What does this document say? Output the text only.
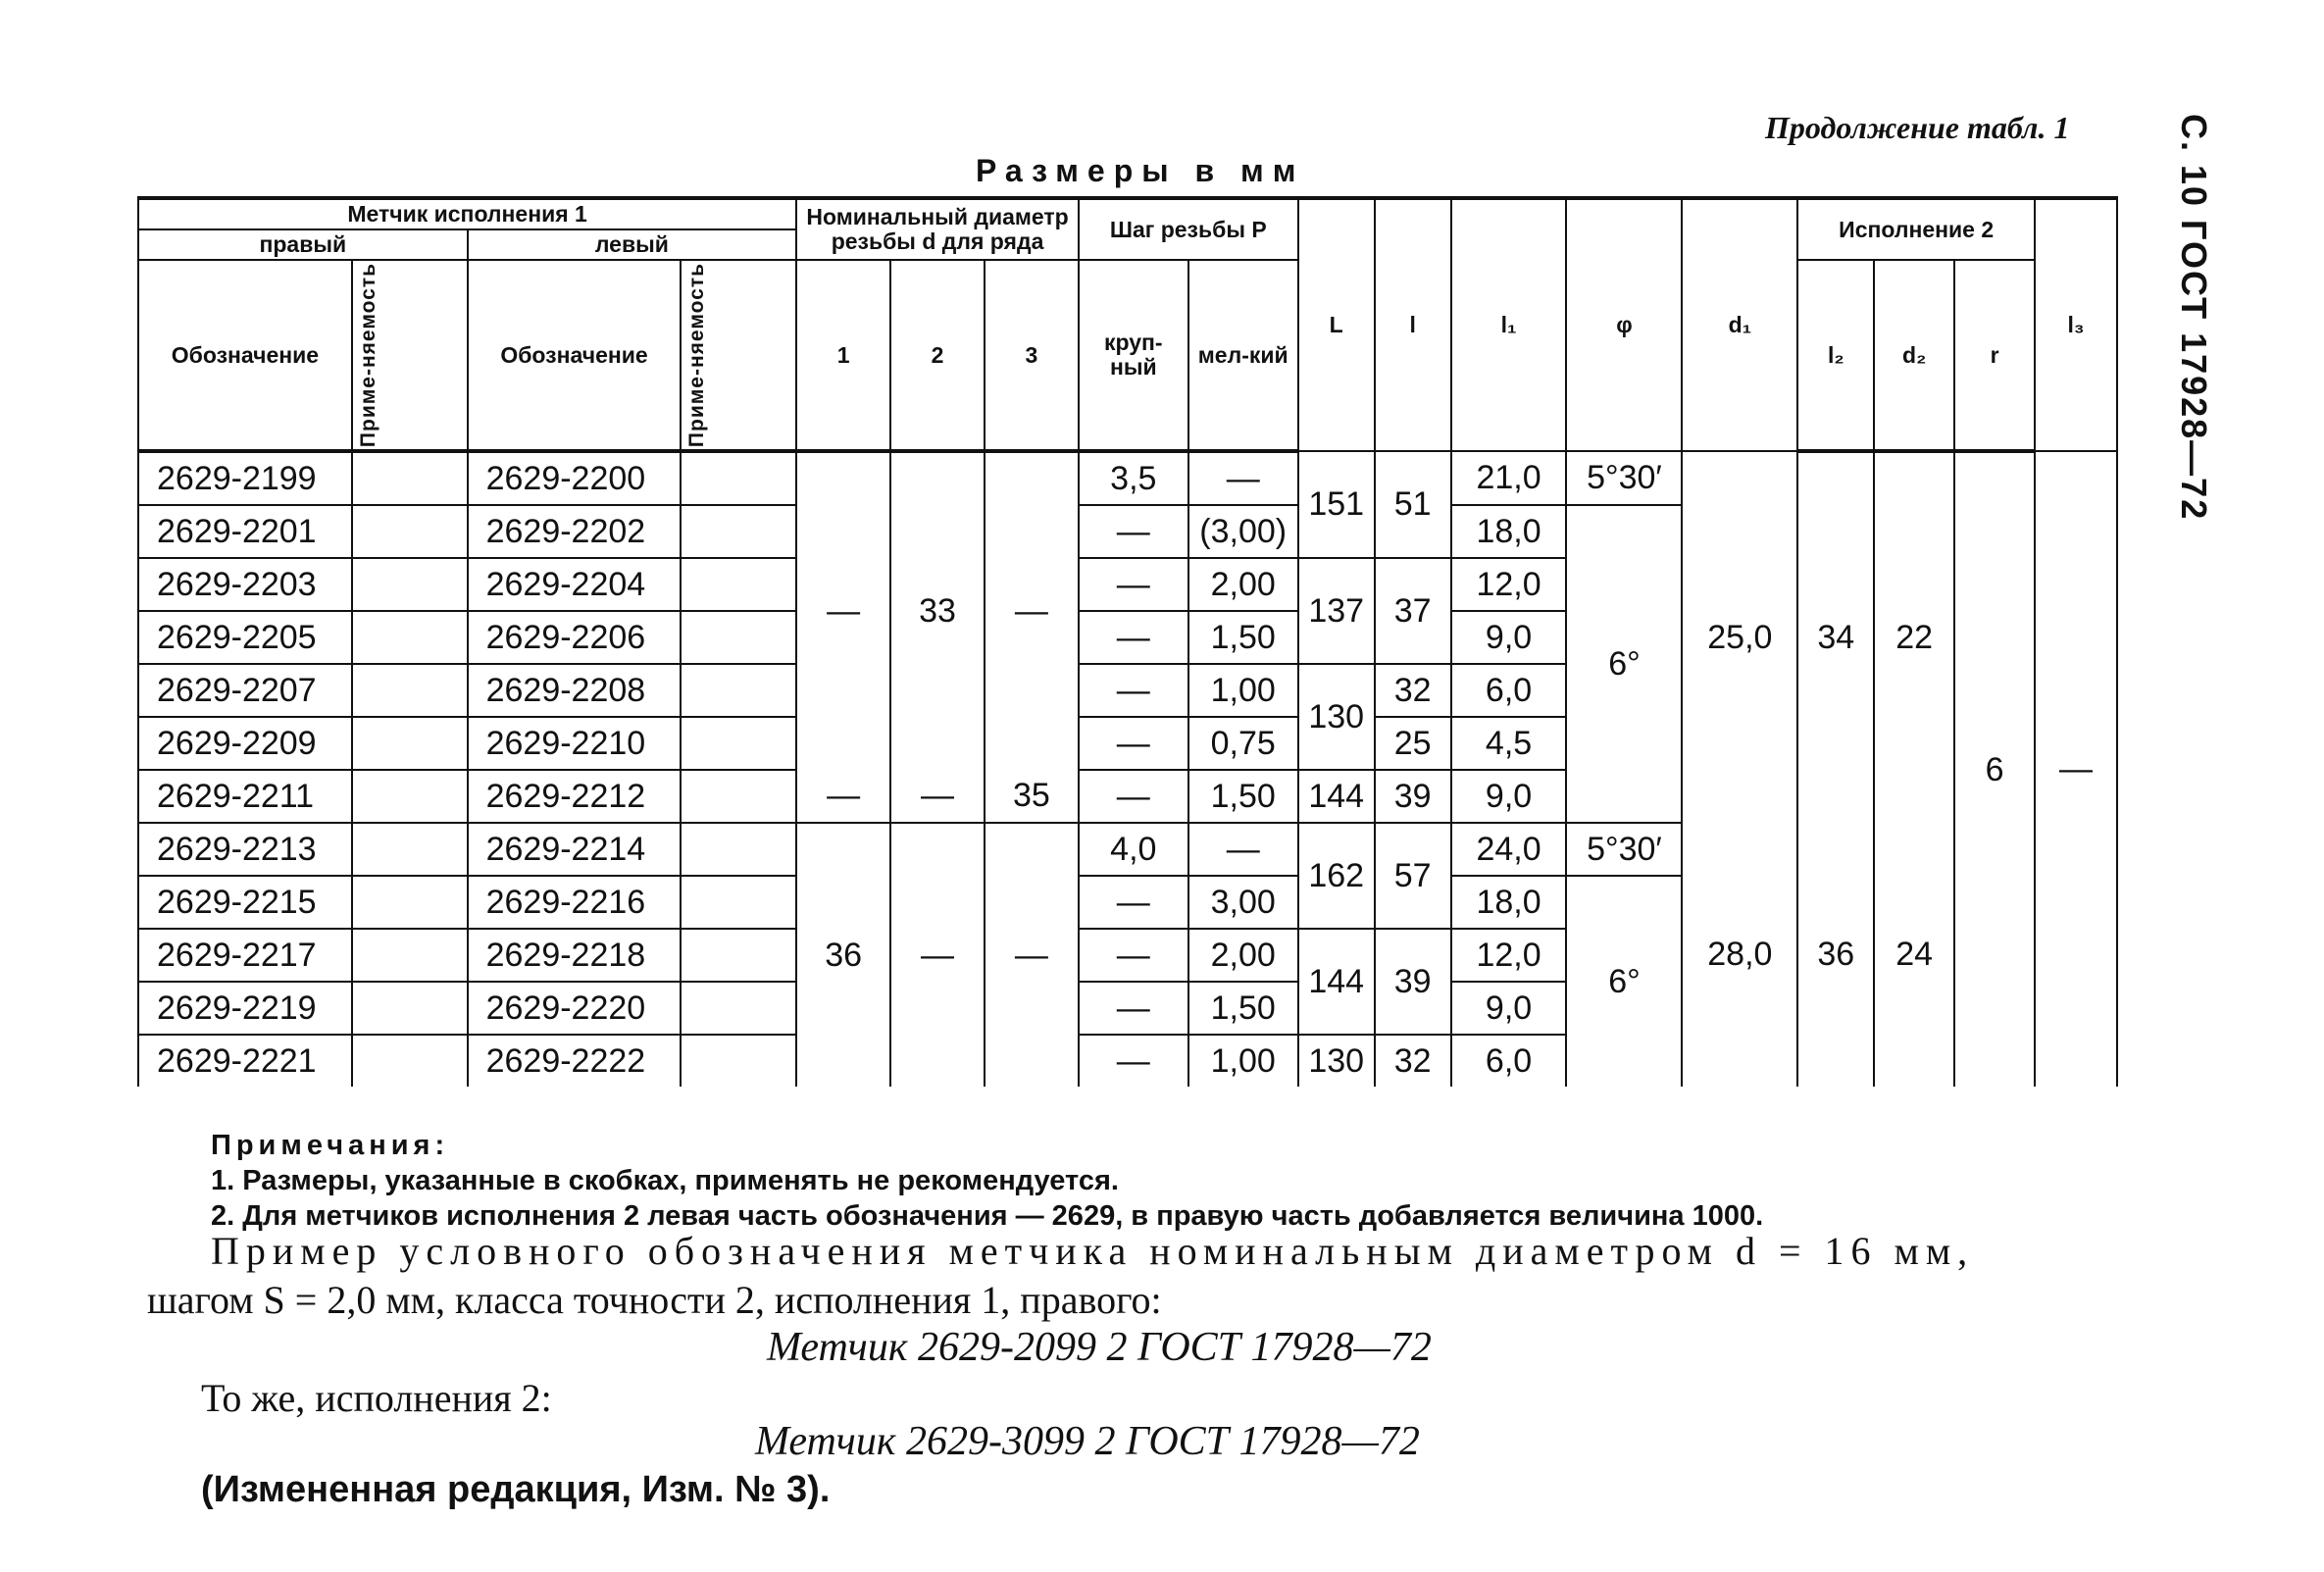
С. 10 ГОСТ 17928—72
Продолжение табл. 1
Размеры в мм
Метчик исполнения 1				Номинальный диаметр резьбы d для ряда			Шаг резьбы P		L	l	l₁	φ	d₁	Исполнение 2			l₃
правый		левый															
Обозначение	Приме-няемость	Обозначение	Приме-няемость	1	2	3	круп-ный	мел-кий						l₂	d₂	r	
2629-2199		2629-2200		—	33	—	3,5	—	151	51	21,0	5°30′	25,0	34	22	6	—
2629-2201		2629-2202					—	(3,00)			18,0	6°					
2629-2203		2629-2204					—	2,00	137	37	12,0						
2629-2205		2629-2206					—	1,50			9,0						
2629-2207		2629-2208					—	1,00	130	32	6,0						
2629-2209		2629-2210					—	0,75		25	4,5						
2629-2211		2629-2212		—	—	35	—	1,50	144	39	9,0						
2629-2213		2629-2214		36	—	—	4,0	—	162	57	24,0	5°30′	28,0	36	24		
2629-2215		2629-2216					—	3,00			18,0	6°					
2629-2217		2629-2218					—	2,00	144	39	12,0						
2629-2219		2629-2220					—	1,50			9,0						
2629-2221		2629-2222					—	1,00	130	32	6,0						
Примечания:
1. Размеры, указанные в скобках, применять не рекомендуется.
2. Для метчиков исполнения 2 левая часть обозначения — 2629, в правую часть добавляется величина 1000.
Пример условного обозначения метчика номинальным диаметром d = 16 мм,
шагом S = 2,0 мм, класса точности 2, исполнения 1, правого:
Метчик 2629-2099 2 ГОСТ 17928—72
То же, исполнения 2:
Метчик 2629-3099 2 ГОСТ 17928—72
(Измененная редакция, Изм. № 3).
